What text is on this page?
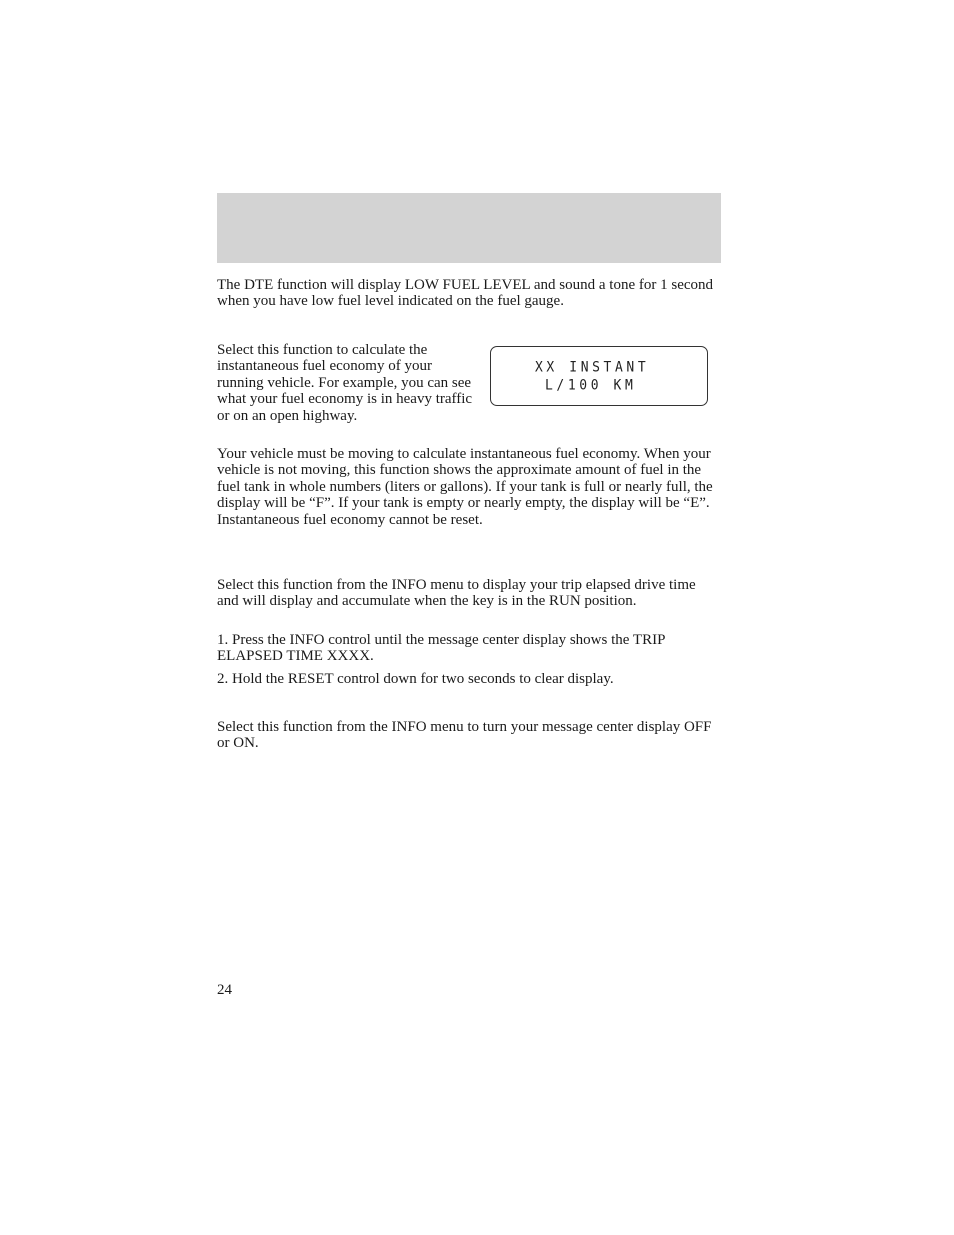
The DTE function will display LOW FUEL LEVEL and sound a tone for 1 second when you have low fuel level indicated on the fuel gauge.

Select this function to calculate the instantaneous fuel economy of your running vehicle. For example, you can see what your fuel economy is in heavy traffic or on an open highway.

XX INSTANT
L/100 KM

Your vehicle must be moving to calculate instantaneous fuel economy. When your vehicle is not moving, this function shows the approximate amount of fuel in the fuel tank in whole numbers (liters or gallons). If your tank is full or nearly full, the display will be “F”. If your tank is empty or nearly empty, the display will be “E”. Instantaneous fuel economy cannot be reset.

Select this function from the INFO menu to display your trip elapsed drive time and will display and accumulate when the key is in the RUN position.

1. Press the INFO control until the message center display shows the TRIP ELAPSED TIME XXXX.

2. Hold the RESET control down for two seconds to clear display.

Select this function from the INFO menu to turn your message center display OFF or ON.

24
